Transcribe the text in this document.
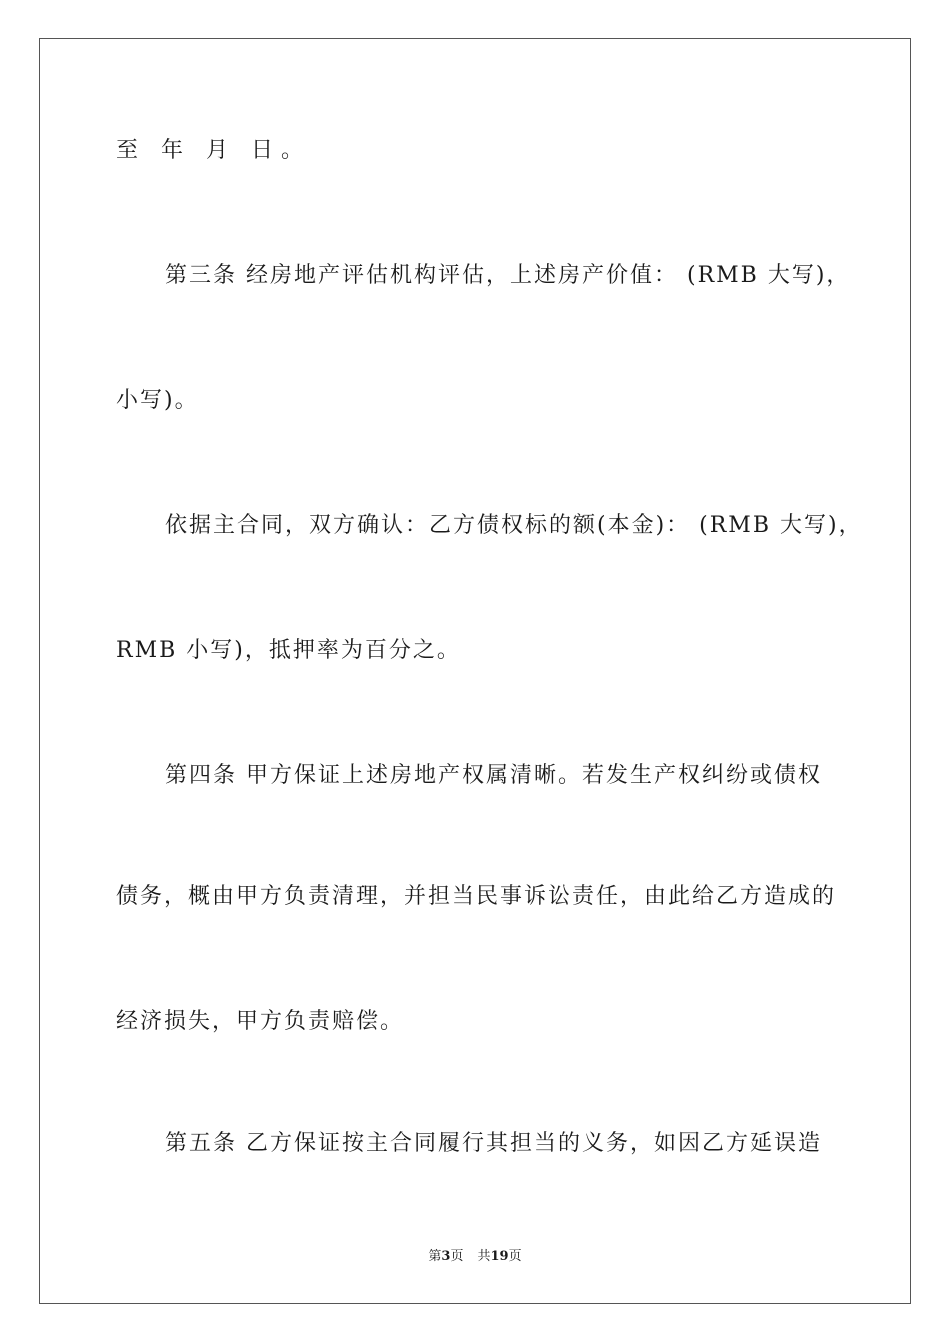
至 年 月 日。
第三条 经房地产评估机构评估，上述房产价值： (RMB 大写)，
小写)。
依据主合同，双方确认：乙方债权标的额(本金)： (RMB 大写)，
RMB 小写)，抵押率为百分之。
第四条 甲方保证上述房地产权属清晰。若发生产权纠纷或债权
债务，概由甲方负责清理，并担当民事诉讼责任，由此给乙方造成的
经济损失，甲方负责赔偿。
第五条 乙方保证按主合同履行其担当的义务，如因乙方延误造
第3页 共19页
